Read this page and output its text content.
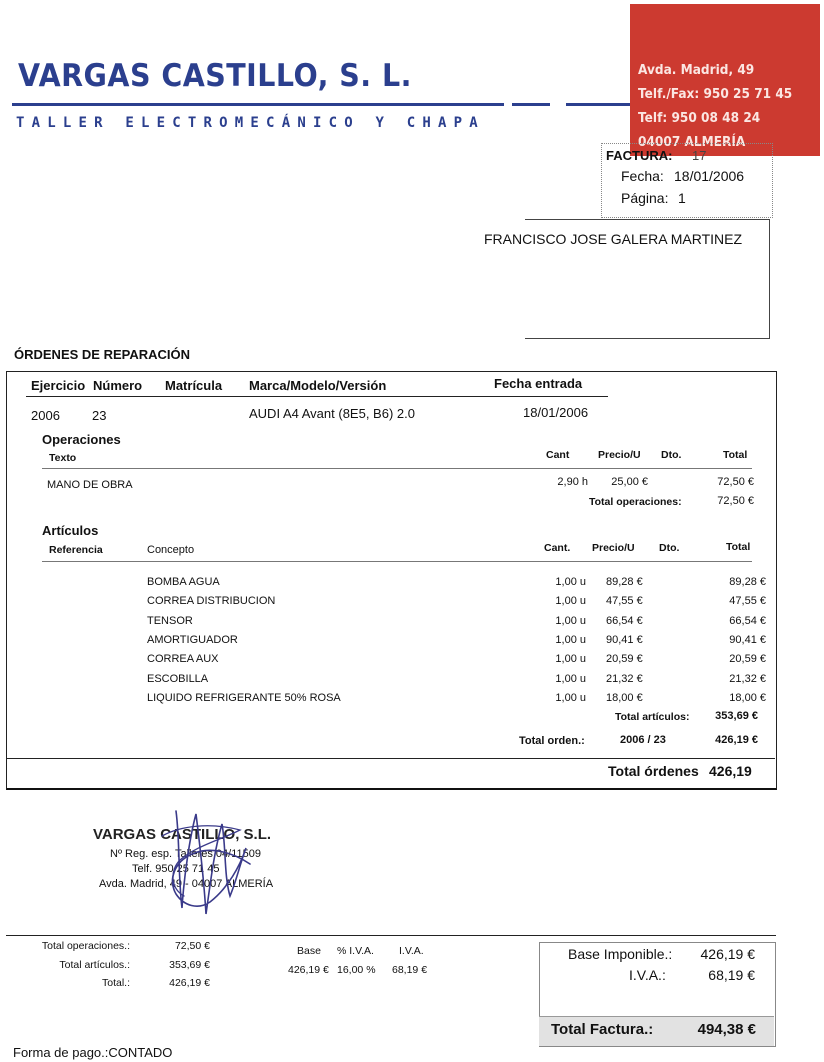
VARGAS CASTILLO, S. L.
TALLER ELECTROMECÁNICO Y CHAPA
Avda. Madrid, 49
Telf./Fax: 950 25 71 45
Telf: 950 08 48 24
04007 ALMERÍA
FACTURA: 17
Fecha: 18/01/2006
Página: 1
FRANCISCO JOSE GALERA MARTINEZ
ÓRDENES DE REPARACIÓN
Ejercicio Número Matrícula Marca/Modelo/Versión	Fecha entrada
2006 23	AUDI A4 Avant (8E5, B6) 2.0	18/01/2006
Operaciones
Texto	Cant	Precio/U Dto.	Total
MANO DE OBRA	2,90 h	25,00 €	72,50 €
Total operaciones:	72,50 €
Artículos
Referencia	Concepto	Cant. Precio/U Dto.	Total
BOMBA AGUA	1,00 u 89,28 €	89,28 €
CORREA DISTRIBUCION	1,00 u 47,55 €	47,55 €
TENSOR	1,00 u 66,54 €	66,54 €
AMORTIGUADOR	1,00 u 90,41 €	90,41 €
CORREA AUX	1,00 u 20,59 €	20,59 €
ESCOBILLA	1,00 u 21,32 €	21,32 €
LIQUIDO REFRIGERANTE 50% ROSA	1,00 u 18,00 €	18,00 €
Total artículos:	353,69 €
Total orden.:	2006 / 23	426,19 €
Total órdenes 426,19
VARGAS CASTILLO, S.L.
Nº Reg. esp. Talleres 04/11509
Telf. 950 25 71 45
Avda. Madrid, 49 - 04007 ALMERÍA
Total operaciones.:	72,50 €
Total artículos.:	353,69 €
Total.:	426,19 €
Base % I.V.A. I.V.A.
426,19 € 16,00 % 68,19 €
Base Imponible.:	426,19 €
I.V.A.:	68,19 €
Total Factura.:	494,38 €
Forma de pago.:CONTADO
